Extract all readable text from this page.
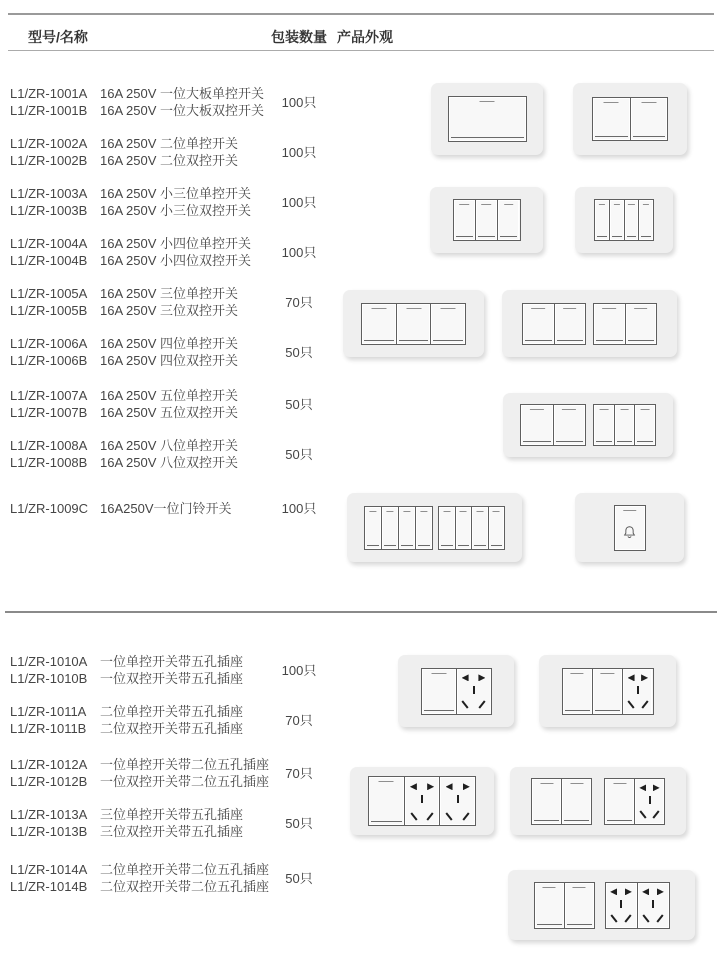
型号/名称	包装数量 产品外观
L1/ZR-1001A
L1/ZR-1001B
16A 250V 一位大板单控开关
16A 250V 一位大板双控开关
100只
L1/ZR-1002A
L1/ZR-1002B
16A 250V 二位单控开关
16A 250V 二位双控开关
100只
L1/ZR-1003A
L1/ZR-1003B
16A 250V 小三位单控开关
16A 250V 小三位双控开关
100只
L1/ZR-1004A
L1/ZR-1004B
16A 250V 小四位单控开关
16A 250V 小四位双控开关
100只
L1/ZR-1005A
L1/ZR-1005B
16A 250V 三位单控开关
16A 250V 三位双控开关
70只
L1/ZR-1006A
L1/ZR-1006B
16A 250V 四位单控开关
16A 250V 四位双控开关
50只
L1/ZR-1007A
L1/ZR-1007B
16A 250V 五位单控开关
16A 250V 五位双控开关
50只
L1/ZR-1008A
L1/ZR-1008B
16A 250V 八位单控开关
16A 250V 八位双控开关
50只
L1/ZR-1009C 16A250V一位门铃开关	100只
L1/ZR-1010A
L1/ZR-1010B
一位单控开关带五孔插座
一位双控开关带五孔插座
100只
L1/ZR-1011A
L1/ZR-1011B
二位单控开关带五孔插座
二位双控开关带五孔插座
70只
L1/ZR-1012A
L1/ZR-1012B
一位单控开关带二位五孔插座
一位双控开关带二位五孔插座
70只
L1/ZR-1013A
L1/ZR-1013B
三位单控开关带五孔插座
三位双控开关带五孔插座
50只
L1/ZR-1014A
L1/ZR-1014B
二位单控开关带二位五孔插座
二位双控开关带二位五孔插座
50只
